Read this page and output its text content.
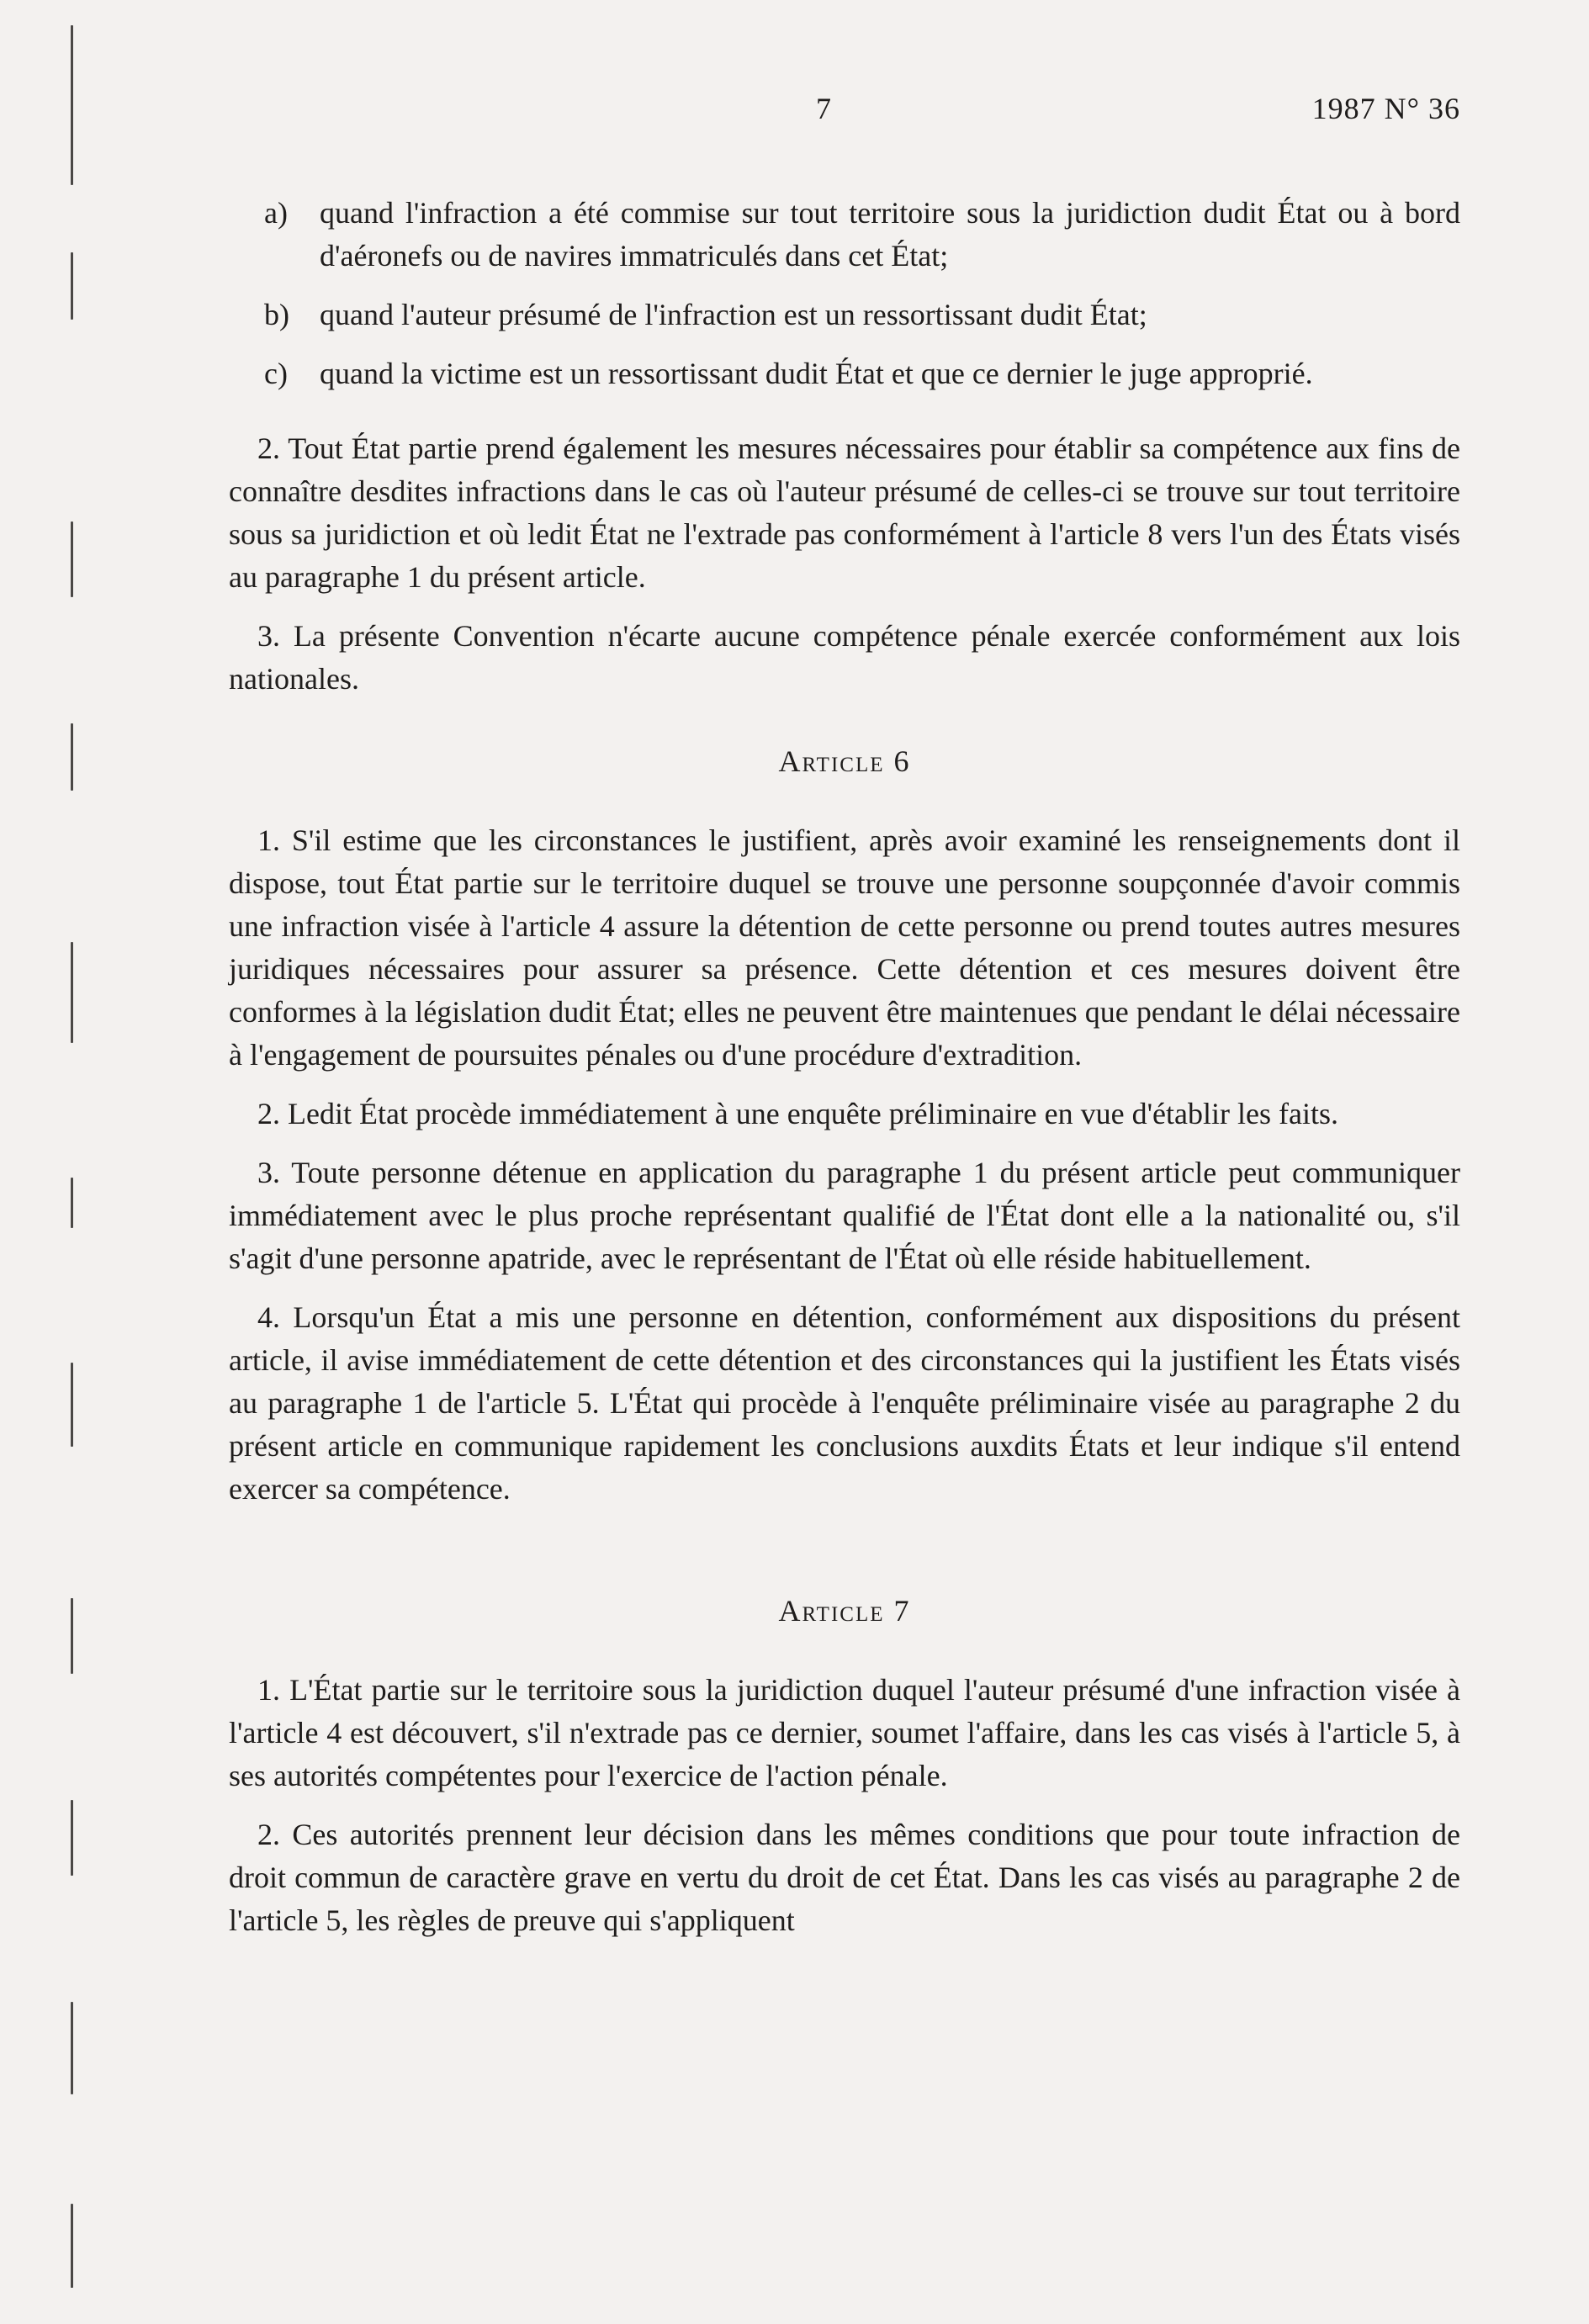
7	1987 N° 36
a) quand l'infraction a été commise sur tout territoire sous la juridiction dudit État ou à bord d'aéronefs ou de navires immatriculés dans cet État;
b) quand l'auteur présumé de l'infraction est un ressortissant dudit État;
c) quand la victime est un ressortissant dudit État et que ce dernier le juge approprié.

2. Tout État partie prend également les mesures nécessaires pour établir sa compétence aux fins de connaître desdites infractions dans le cas où l'auteur présumé de celles-ci se trouve sur tout territoire sous sa juridiction et où ledit État ne l'extrade pas conformément à l'article 8 vers l'un des États visés au paragraphe 1 du présent article.

3. La présente Convention n'écarte aucune compétence pénale exercée conformément aux lois nationales.

Article 6

1. S'il estime que les circonstances le justifient, après avoir examiné les renseignements dont il dispose, tout État partie sur le territoire duquel se trouve une personne soupçonnée d'avoir commis une infraction visée à l'article 4 assure la détention de cette personne ou prend toutes autres mesures juridiques nécessaires pour assurer sa présence. Cette détention et ces mesures doivent être conformes à la législation dudit État; elles ne peuvent être maintenues que pendant le délai nécessaire à l'engagement de poursuites pénales ou d'une procédure d'extradition.

2. Ledit État procède immédiatement à une enquête préliminaire en vue d'établir les faits.

3. Toute personne détenue en application du paragraphe 1 du présent article peut communiquer immédiatement avec le plus proche représentant qualifié de l'État dont elle a la nationalité ou, s'il s'agit d'une personne apatride, avec le représentant de l'État où elle réside habituellement.

4. Lorsqu'un État a mis une personne en détention, conformément aux dispositions du présent article, il avise immédiatement de cette détention et des circonstances qui la justifient les États visés au paragraphe 1 de l'article 5. L'État qui procède à l'enquête préliminaire visée au paragraphe 2 du présent article en communique rapidement les conclusions auxdits États et leur indique s'il entend exercer sa compétence.

Article 7

1. L'État partie sur le territoire sous la juridiction duquel l'auteur présumé d'une infraction visée à l'article 4 est découvert, s'il n'extrade pas ce dernier, soumet l'affaire, dans les cas visés à l'article 5, à ses autorités compétentes pour l'exercice de l'action pénale.

2. Ces autorités prennent leur décision dans les mêmes conditions que pour toute infraction de droit commun de caractère grave en vertu du droit de cet État. Dans les cas visés au paragraphe 2 de l'article 5, les règles de preuve qui s'appliquent
